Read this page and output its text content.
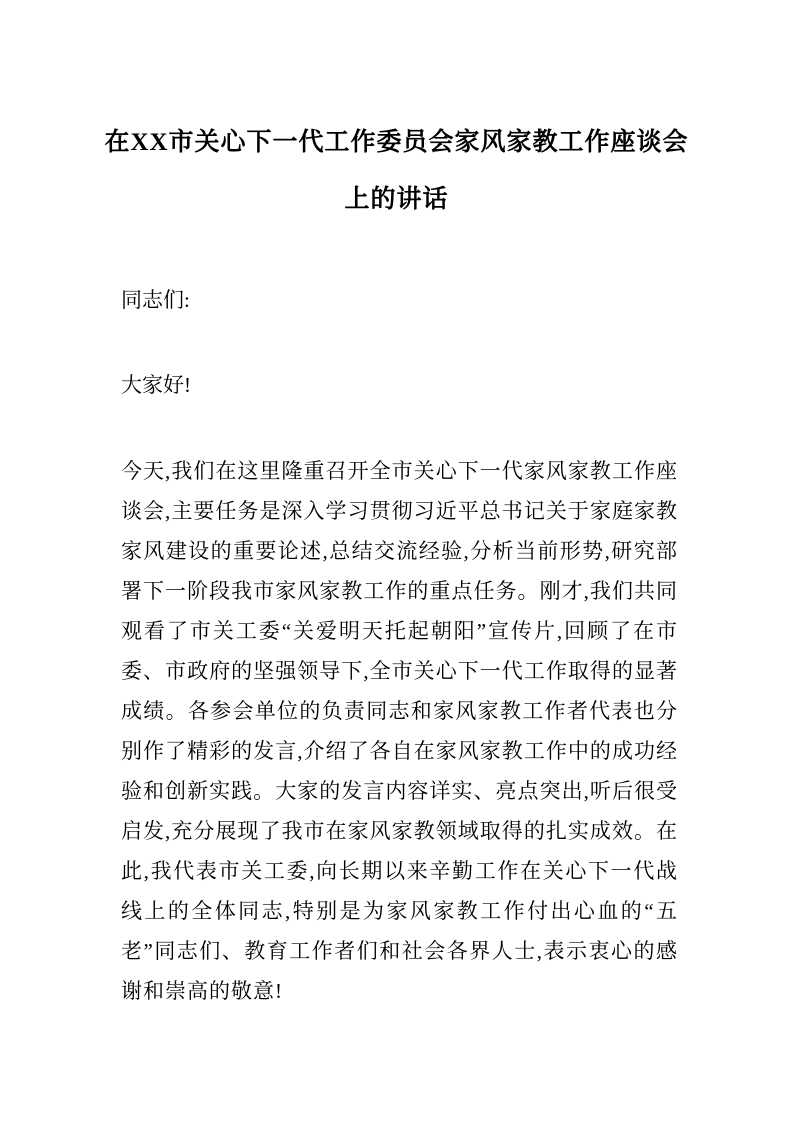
在XX市关心下一代工作委员会家风家教工作座谈会
上的讲话

同志们:

大家好!

今天,我们在这里隆重召开全市关心下一代家风家教工作座谈会,主要任务是深入学习贯彻习近平总书记关于家庭家教家风建设的重要论述,总结交流经验,分析当前形势,研究部署下一阶段我市家风家教工作的重点任务。刚才,我们共同观看了市关工委“关爱明天托起朝阳”宣传片,回顾了在市委、市政府的坚强领导下,全市关心下一代工作取得的显著成绩。各参会单位的负责同志和家风家教工作者代表也分别作了精彩的发言,介绍了各自在家风家教工作中的成功经验和创新实践。大家的发言内容详实、亮点突出,听后很受启发,充分展现了我市在家风家教领域取得的扎实成效。在此,我代表市关工委,向长期以来辛勤工作在关心下一代战线上的全体同志,特别是为家风家教工作付出心血的“五老”同志们、教育工作者们和社会各界人士,表示衷心的感谢和崇高的敬意!
